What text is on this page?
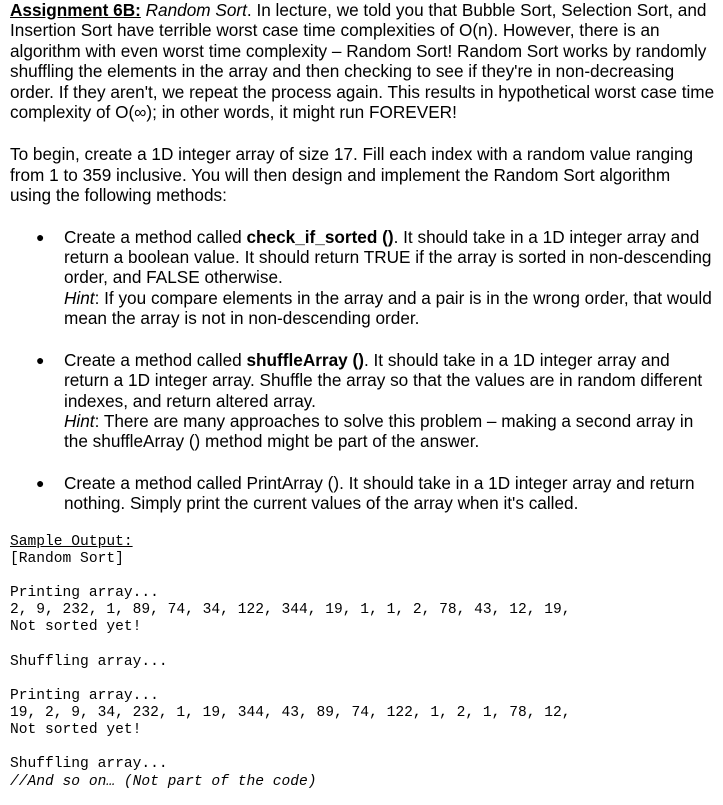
Assignment 6B: Random Sort. In lecture, we told you that Bubble Sort, Selection Sort, and Insertion Sort have terrible worst case time complexities of O(n). However, there is an algorithm with even worst time complexity – Random Sort! Random Sort works by randomly shuffling the elements in the array and then checking to see if they're in non-decreasing order. If they aren't, we repeat the process again. This results in hypothetical worst case time complexity of O(∞); in other words, it might run FOREVER!

To begin, create a 1D integer array of size 17. Fill each index with a random value ranging from 1 to 359 inclusive. You will then design and implement the Random Sort algorithm using the following methods:

● Create a method called check_if_sorted (). It should take in a 1D integer array and return a boolean value. It should return TRUE if the array is sorted in non-descending order, and FALSE otherwise.
Hint: If you compare elements in the array and a pair is in the wrong order, that would mean the array is not in non-descending order.
● Create a method called shuffleArray (). It should take in a 1D integer array and return a 1D integer array. Shuffle the array so that the values are in random different indexes, and return altered array.
Hint: There are many approaches to solve this problem – making a second array in the shuffleArray () method might be part of the answer.
● Create a method called PrintArray (). It should take in a 1D integer array and return nothing. Simply print the current values of the array when it's called.
Sample Output:
[Random Sort]
Printing array...
2, 9, 232, 1, 89, 74, 34, 122, 344, 19, 1, 1, 2, 78, 43, 12, 19,
Not sorted yet!
Shuffling array...
Printing array...
19, 2, 9, 34, 232, 1, 19, 344, 43, 89, 74, 122, 1, 2, 1, 78, 12,
Not sorted yet!
Shuffling array...
//And so on… (Not part of the code)
